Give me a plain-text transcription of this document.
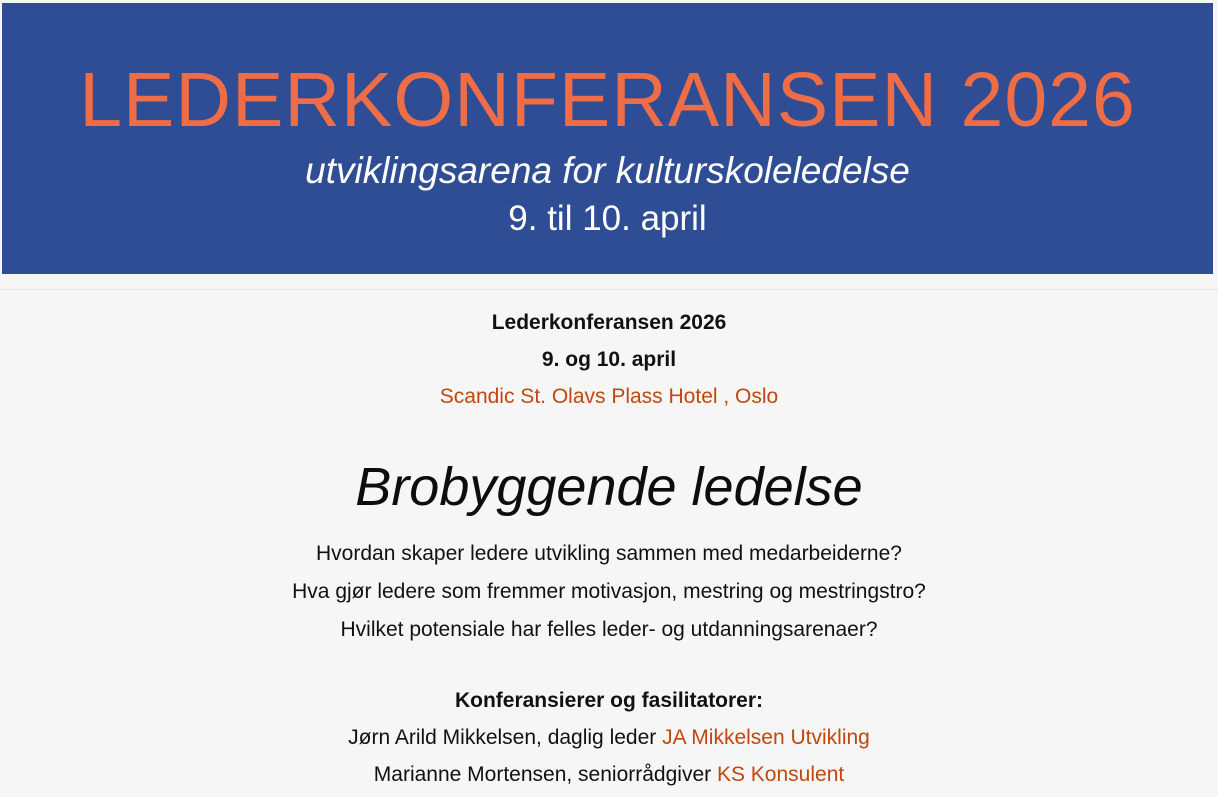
LEDERKONFERANSEN 2026
utviklingsarena for kulturskoleledelse
9. til 10. april
Lederkonferansen 2026
9. og 10. april
Scandic St. Olavs Plass Hotel , Oslo
Brobyggende ledelse
Hvordan skaper ledere utvikling sammen med medarbeiderne?
Hva gjør ledere som fremmer motivasjon, mestring og mestringstro?
Hvilket potensiale har felles leder- og utdanningsarenaer?
Konferansierer og fasilitatorer:
Jørn Arild Mikkelsen, daglig leder JA Mikkelsen Utvikling
Marianne Mortensen, seniorrådgiver KS Konsulent
